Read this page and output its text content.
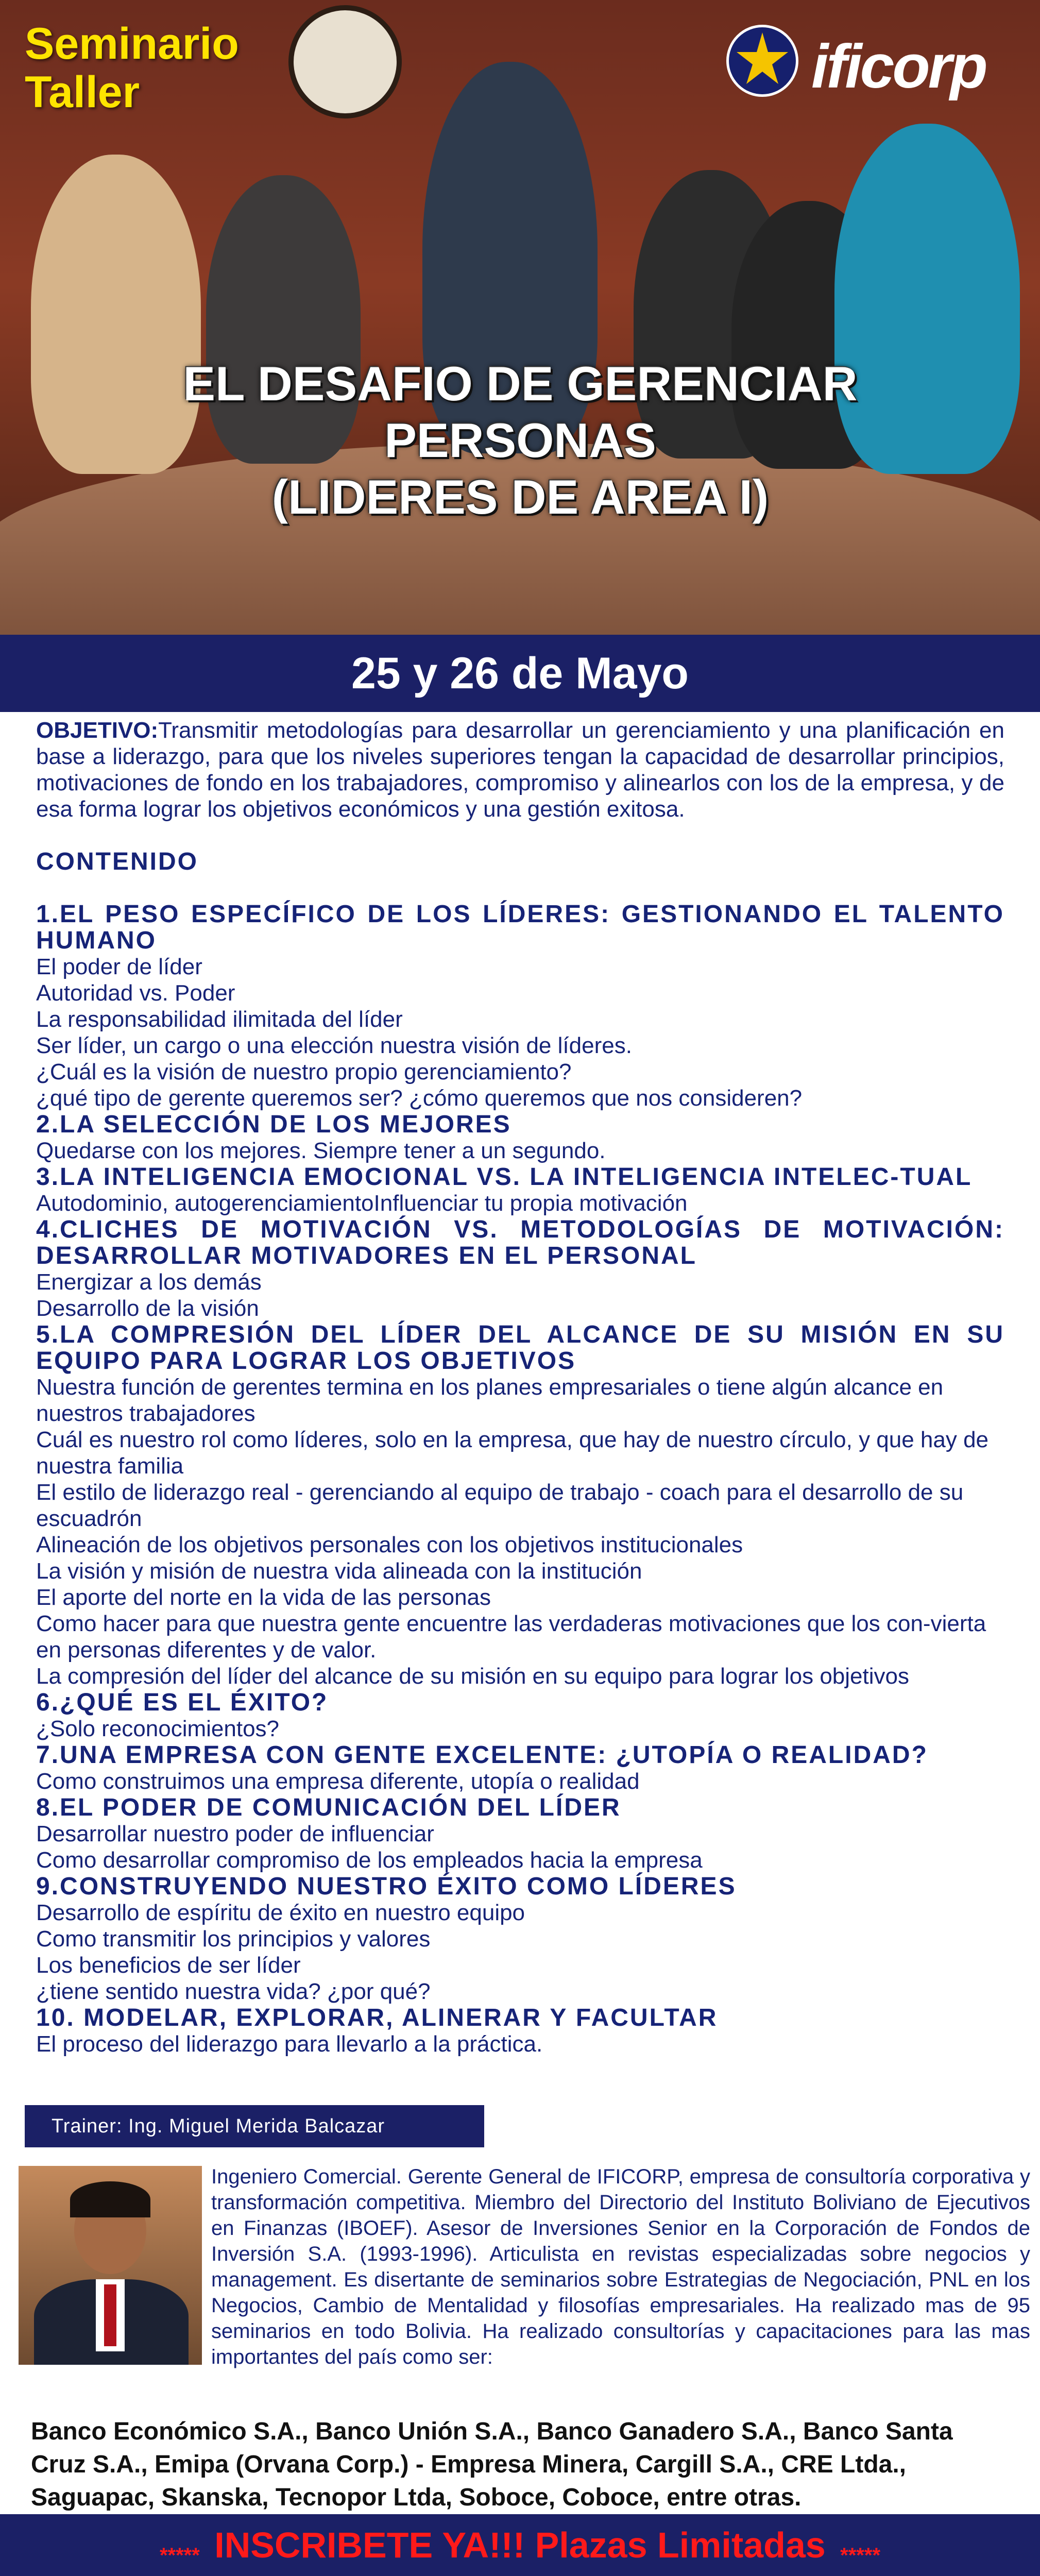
Seminario
Taller	ificorp
EL DESAFIO DE GERENCIAR
PERSONAS
(LIDERES DE AREA I)
25 y 26 de Mayo

OBJETIVO:Transmitir metodologías para desarrollar un gerenciamiento y una planificación en base a liderazgo, para que los niveles superiores tengan la capacidad de desarrollar principios, motivaciones de fondo en los trabajadores, compromiso y alinearlos con los de la empresa, y de esa forma lograr los objetivos económicos y una gestión exitosa.

CONTENIDO

1.EL PESO ESPECÍFICO DE LOS LÍDERES: GESTIONANDO EL TALENTO HUMANO

El poder de líder

Autoridad vs. Poder

La responsabilidad ilimitada del líder

Ser líder, un cargo o una elección nuestra visión de líderes.

¿Cuál es la visión de nuestro propio gerenciamiento?

¿qué tipo de gerente queremos ser? ¿cómo queremos que nos consideren?

2.LA SELECCIÓN DE LOS MEJORES

Quedarse con los mejores. Siempre tener a un segundo.

3.LA INTELIGENCIA EMOCIONAL VS. LA INTELIGENCIA INTELEC-TUAL

Autodominio, autogerenciamientoInfluenciar tu propia motivación

4.CLICHES DE MOTIVACIÓN VS. METODOLOGÍAS DE MOTIVACIÓN: DESARROLLAR MOTIVADORES EN EL PERSONAL

Energizar a los demás

Desarrollo de la visión

5.LA COMPRESIÓN DEL LÍDER DEL ALCANCE DE SU MISIÓN EN SU EQUIPO PARA LOGRAR LOS OBJETIVOS

Nuestra función de gerentes termina en los planes empresariales o tiene algún alcance en nuestros trabajadores

Cuál es nuestro rol como líderes, solo en la empresa, que hay de nuestro círculo, y que hay de nuestra familia

El estilo de liderazgo real - gerenciando al equipo de trabajo - coach para el desarrollo de su escuadrón

Alineación de los objetivos personales con los objetivos institucionales

La visión y misión de nuestra vida alineada con la institución

El aporte del norte en la vida de las personas

Como hacer para que nuestra gente encuentre las verdaderas motivaciones que los con-vierta en personas diferentes y de valor.

La compresión del líder del alcance de su misión en su equipo para lograr los objetivos

6.¿QUÉ ES EL ÉXITO?

¿Solo reconocimientos?

7.UNA EMPRESA CON GENTE EXCELENTE: ¿UTOPÍA O REALIDAD?

Como construimos una empresa diferente, utopía o realidad

8.EL PODER DE COMUNICACIÓN DEL LÍDER

Desarrollar nuestro poder de influenciar

Como desarrollar compromiso de los empleados hacia la empresa

9.CONSTRUYENDO NUESTRO ÉXITO COMO LÍDERES

Desarrollo de espíritu de éxito en nuestro equipo

Como transmitir los principios y valores

Los beneficios de ser líder

¿tiene sentido nuestra vida? ¿por qué?

10. MODELAR, EXPLORAR, ALINERAR Y FACULTAR

El proceso del liderazgo para llevarlo a la práctica.

Trainer: Ing. Miguel Merida Balcazar
Ingeniero Comercial. Gerente General de IFICORP, empresa de consultoría corporativa y transformación competitiva. Miembro del Directorio del Instituto Boliviano de Ejecutivos en Finanzas (IBOEF). Asesor de Inversiones Senior en la Corporación de Fondos de Inversión S.A. (1993-1996). Articulista en revistas especializadas sobre negocios y management. Es disertante de seminarios sobre Estrategias de Negociación, PNL en los Negocios, Cambio de Mentalidad y filosofías empresariales. Ha realizado mas de 95 seminarios en todo Bolivia. Ha realizado consultorías y capacitaciones para las mas importantes del país como ser:
Banco Económico S.A., Banco Unión S.A., Banco Ganadero S.A., Banco Santa Cruz S.A., Emipa (Orvana Corp.) - Empresa Minera, Cargill S.A., CRE Ltda., Saguapac, Skanska, Tecnopor Ltda, Soboce, Coboce, entre otras.
***** INSCRIBETE YA!!! Plazas Limitadas *****
